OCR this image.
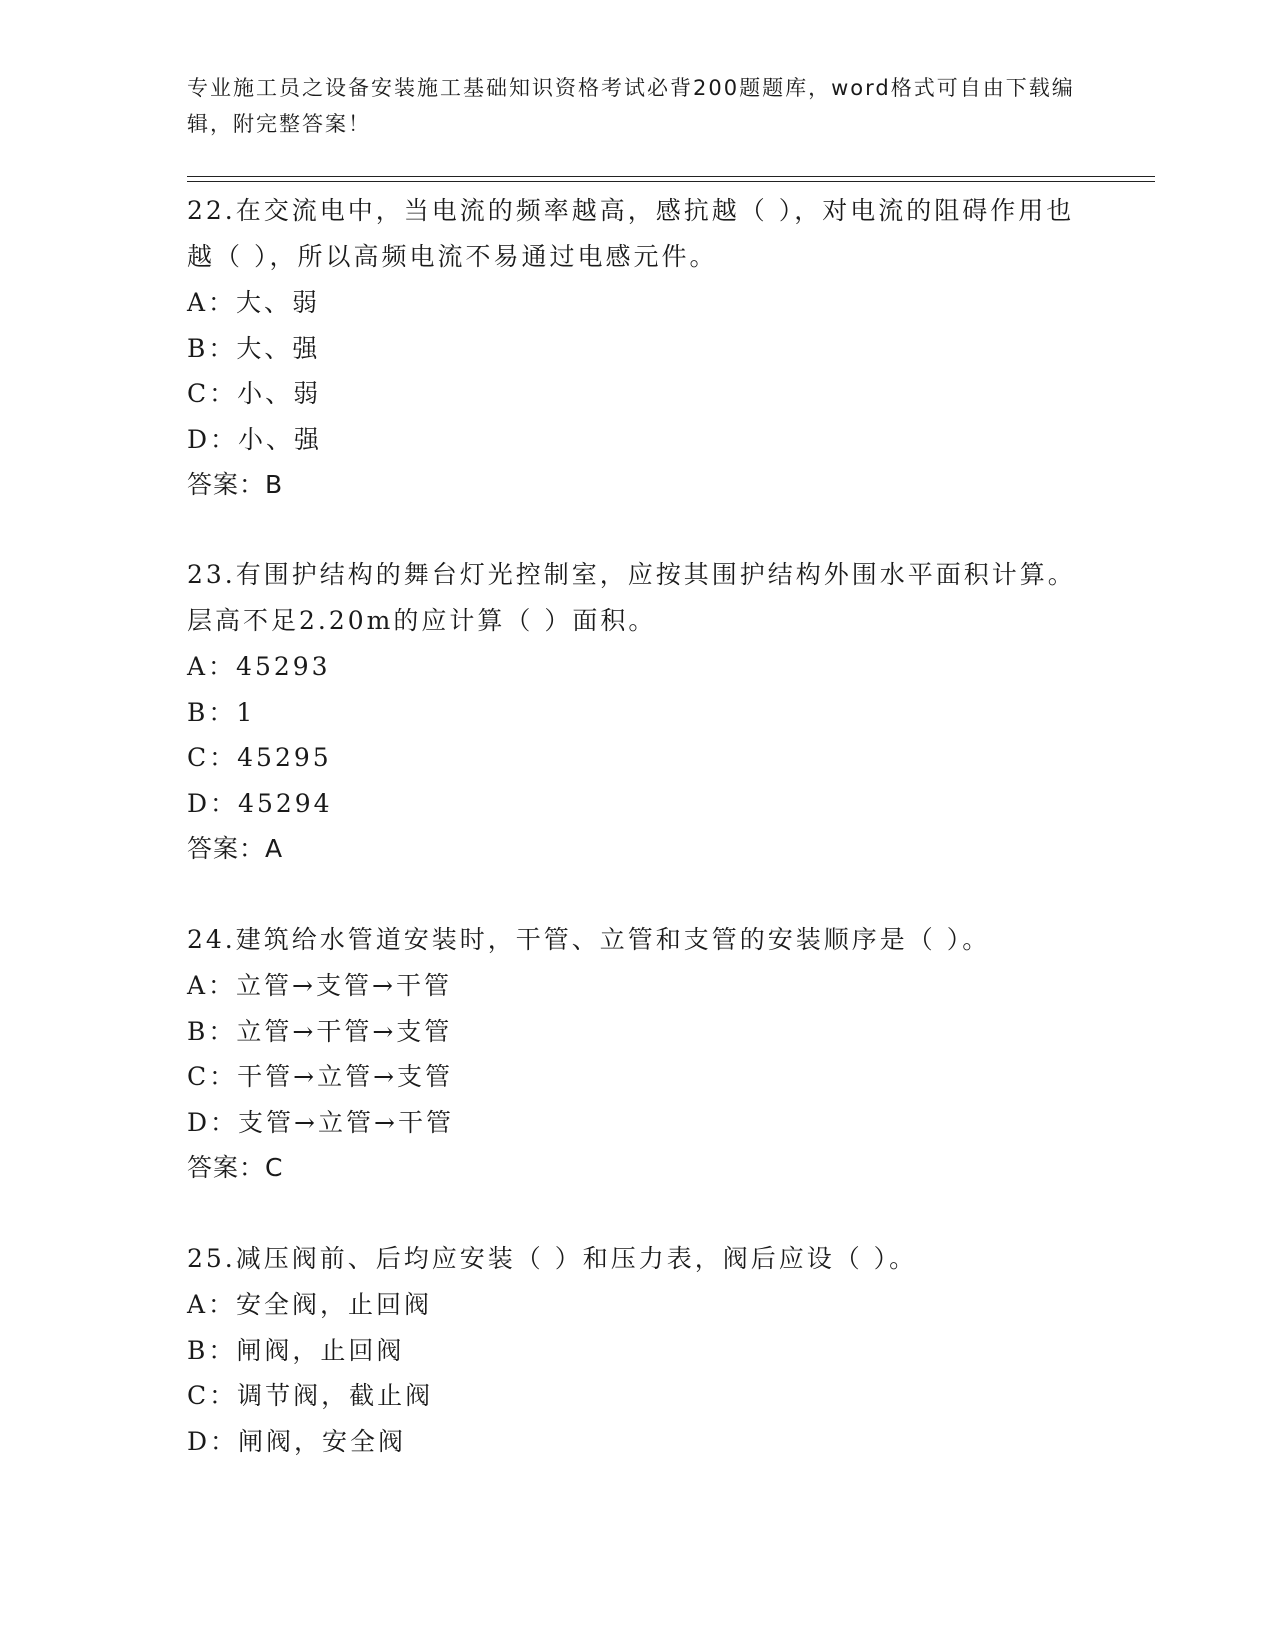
专业施工员之设备安装施工基础知识资格考试必背200题题库，word格式可自由下载编辑，附完整答案！

22.在交流电中，当电流的频率越高，感抗越（ ），对电流的阻碍作用也越（ ），所以高频电流不易通过电感元件。

A：大、弱

B：大、强

C：小、弱

D：小、强

答案：B

23.有围护结构的舞台灯光控制室，应按其围护结构外围水平面积计算。层高不足2.20m的应计算（ ）面积。

A：45293

B：1

C：45295

D：45294

答案：A

24.建筑给水管道安装时，干管、立管和支管的安装顺序是（ ）。

A：立管→支管→干管

B：立管→干管→支管

C：干管→立管→支管

D：支管→立管→干管

答案：C

25.减压阀前、后均应安装（ ）和压力表，阀后应设（ ）。

A：安全阀，止回阀

B：闸阀，止回阀

C：调节阀，截止阀

D：闸阀，安全阀
